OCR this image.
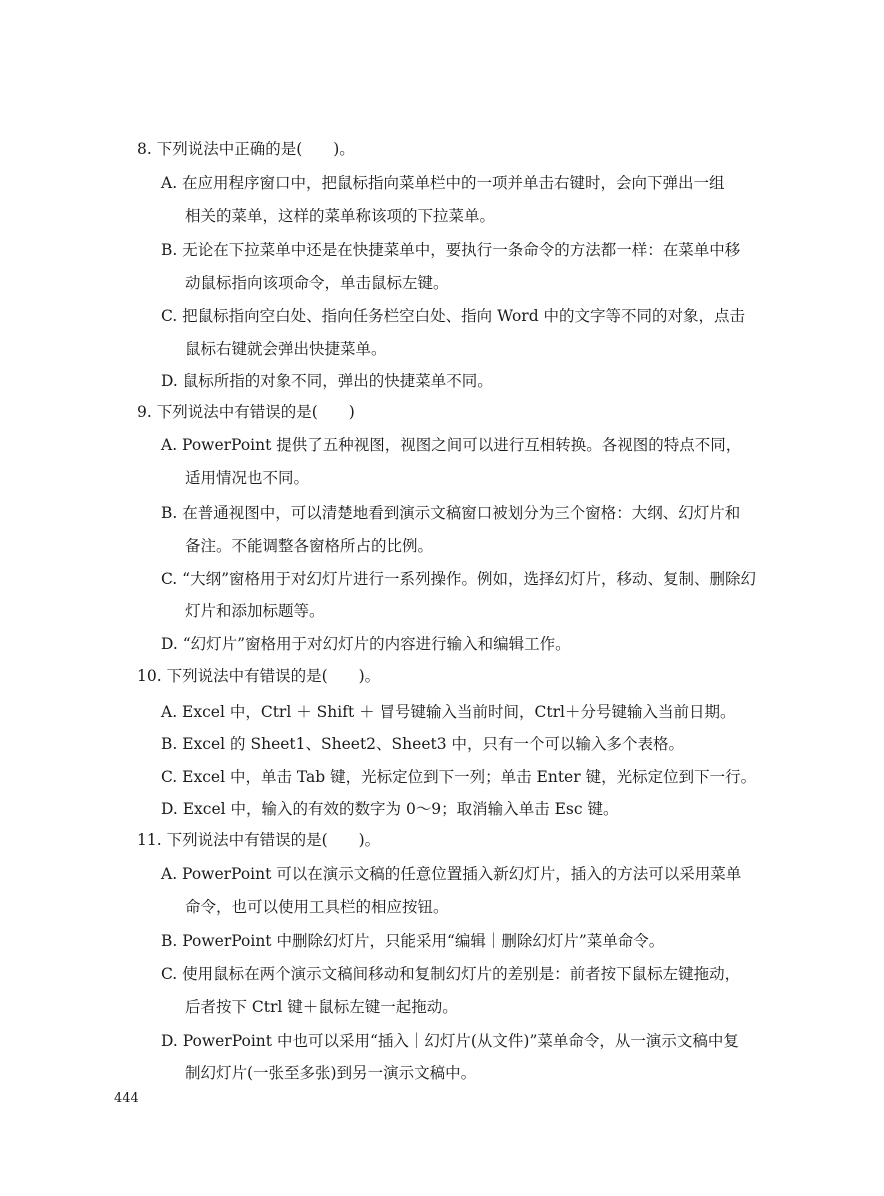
8. 下列说法中正确的是(　　)。
A. 在应用程序窗口中，把鼠标指向菜单栏中的一项并单击右键时，会向下弹出一组
相关的菜单，这样的菜单称该项的下拉菜单。
B. 无论在下拉菜单中还是在快捷菜单中，要执行一条命令的方法都一样：在菜单中移
动鼠标指向该项命令，单击鼠标左键。
C. 把鼠标指向空白处、指向任务栏空白处、指向 Word 中的文字等不同的对象，点击
鼠标右键就会弹出快捷菜单。
D. 鼠标所指的对象不同，弹出的快捷菜单不同。
9. 下列说法中有错误的是(　　)
A. PowerPoint 提供了五种视图，视图之间可以进行互相转换。各视图的特点不同，
适用情况也不同。
B. 在普通视图中，可以清楚地看到演示文稿窗口被划分为三个窗格：大纲、幻灯片和
备注。不能调整各窗格所占的比例。
C. “大纲”窗格用于对幻灯片进行一系列操作。例如，选择幻灯片，移动、复制、删除幻
灯片和添加标题等。
D. “幻灯片”窗格用于对幻灯片的内容进行输入和编辑工作。
10. 下列说法中有错误的是(　　)。
A. Excel 中，Ctrl ＋ Shift ＋ 冒号键输入当前时间，Ctrl＋分号键输入当前日期。
B. Excel 的 Sheet1、Sheet2、Sheet3 中，只有一个可以输入多个表格。
C. Excel 中，单击 Tab 键，光标定位到下一列；单击 Enter 键，光标定位到下一行。
D. Excel 中，输入的有效的数字为 0～9；取消输入单击 Esc 键。
11. 下列说法中有错误的是(　　)。
A. PowerPoint 可以在演示文稿的任意位置插入新幻灯片，插入的方法可以采用菜单
命令，也可以使用工具栏的相应按钮。
B. PowerPoint 中删除幻灯片，只能采用“编辑｜删除幻灯片”菜单命令。
C. 使用鼠标在两个演示文稿间移动和复制幻灯片的差别是：前者按下鼠标左键拖动，
后者按下 Ctrl 键＋鼠标左键一起拖动。
D. PowerPoint 中也可以采用“插入｜幻灯片(从文件)”菜单命令，从一演示文稿中复
制幻灯片(一张至多张)到另一演示文稿中。
444
